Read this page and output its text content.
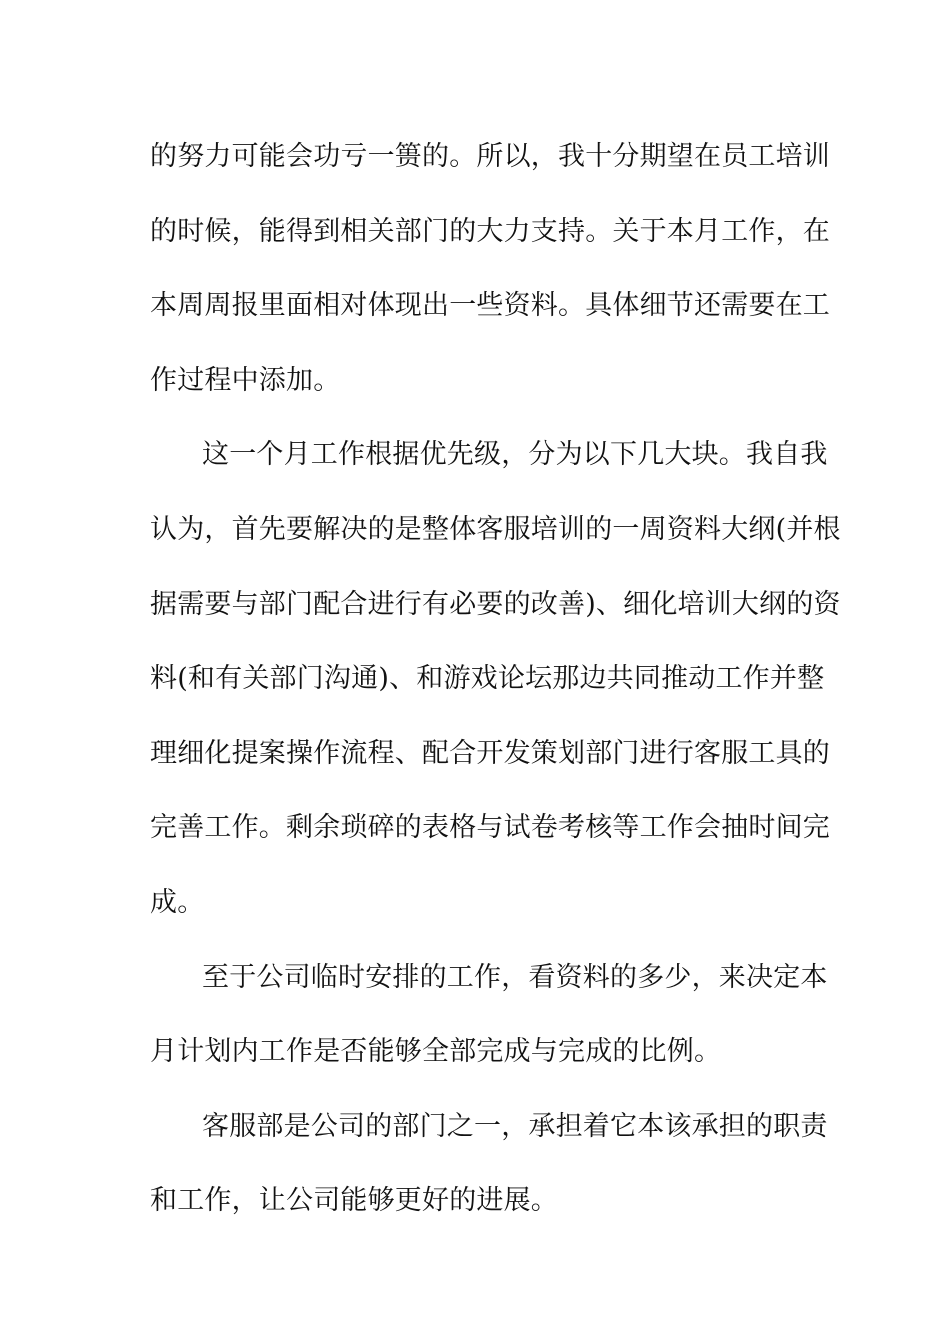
的努力可能会功亏一篑的。所以，我十分期望在员工培训
的时候，能得到相关部门的大力支持。关于本月工作，在
本周周报里面相对体现出一些资料。具体细节还需要在工
作过程中添加。
这一个月工作根据优先级，分为以下几大块。我自我
认为，首先要解决的是整体客服培训的一周资料大纲(并根
据需要与部门配合进行有必要的改善)、细化培训大纲的资
料(和有关部门沟通)、和游戏论坛那边共同推动工作并整
理细化提案操作流程、配合开发策划部门进行客服工具的
完善工作。剩余琐碎的表格与试卷考核等工作会抽时间完
成。
至于公司临时安排的工作，看资料的多少，来决定本
月计划内工作是否能够全部完成与完成的比例。
客服部是公司的部门之一，承担着它本该承担的职责
和工作，让公司能够更好的进展。
